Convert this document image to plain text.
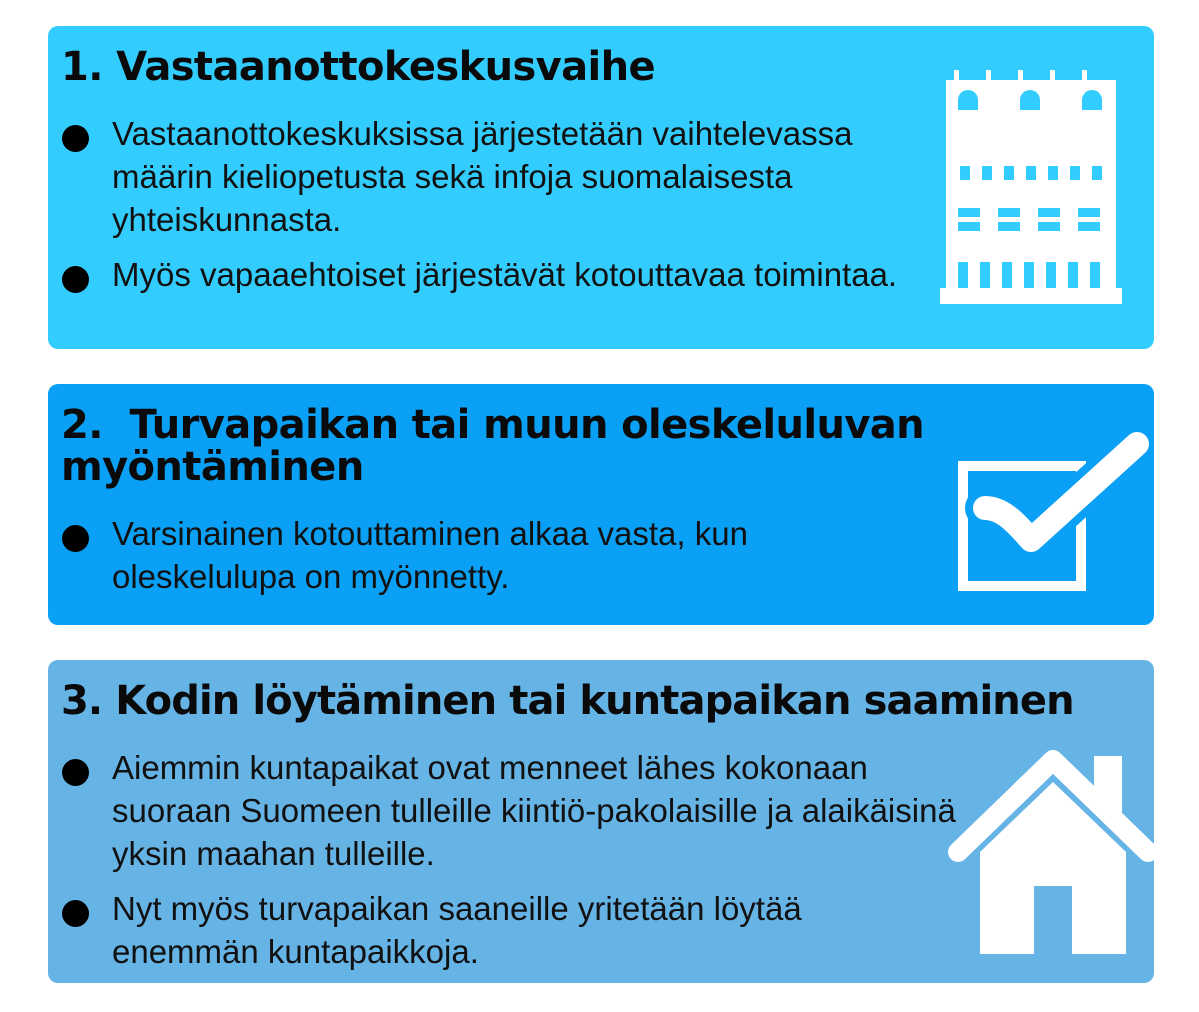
1. Vastaanottokeskusvaihe
Vastaanottokeskuksissa järjestetään vaihtelevassa määrin kieliopetusta sekä infoja suomalaisesta yhteiskunnasta.
Myös vapaaehtoiset järjestävät kotouttavaa toimintaa.
2.  Turvapaikan tai muun oleskeluluvan
myöntäminen
Varsinainen kotouttaminen alkaa vasta, kun oleskelulupa on myönnetty.
3. Kodin löytäminen tai kuntapaikan saaminen
Aiemmin kuntapaikat ovat menneet lähes kokonaan suoraan Suomeen tulleille kiintiö-pakolaisille ja alaikäisinä yksin maahan tulleille.
Nyt myös turvapaikan saaneille yritetään löytää enemmän kuntapaikkoja.
